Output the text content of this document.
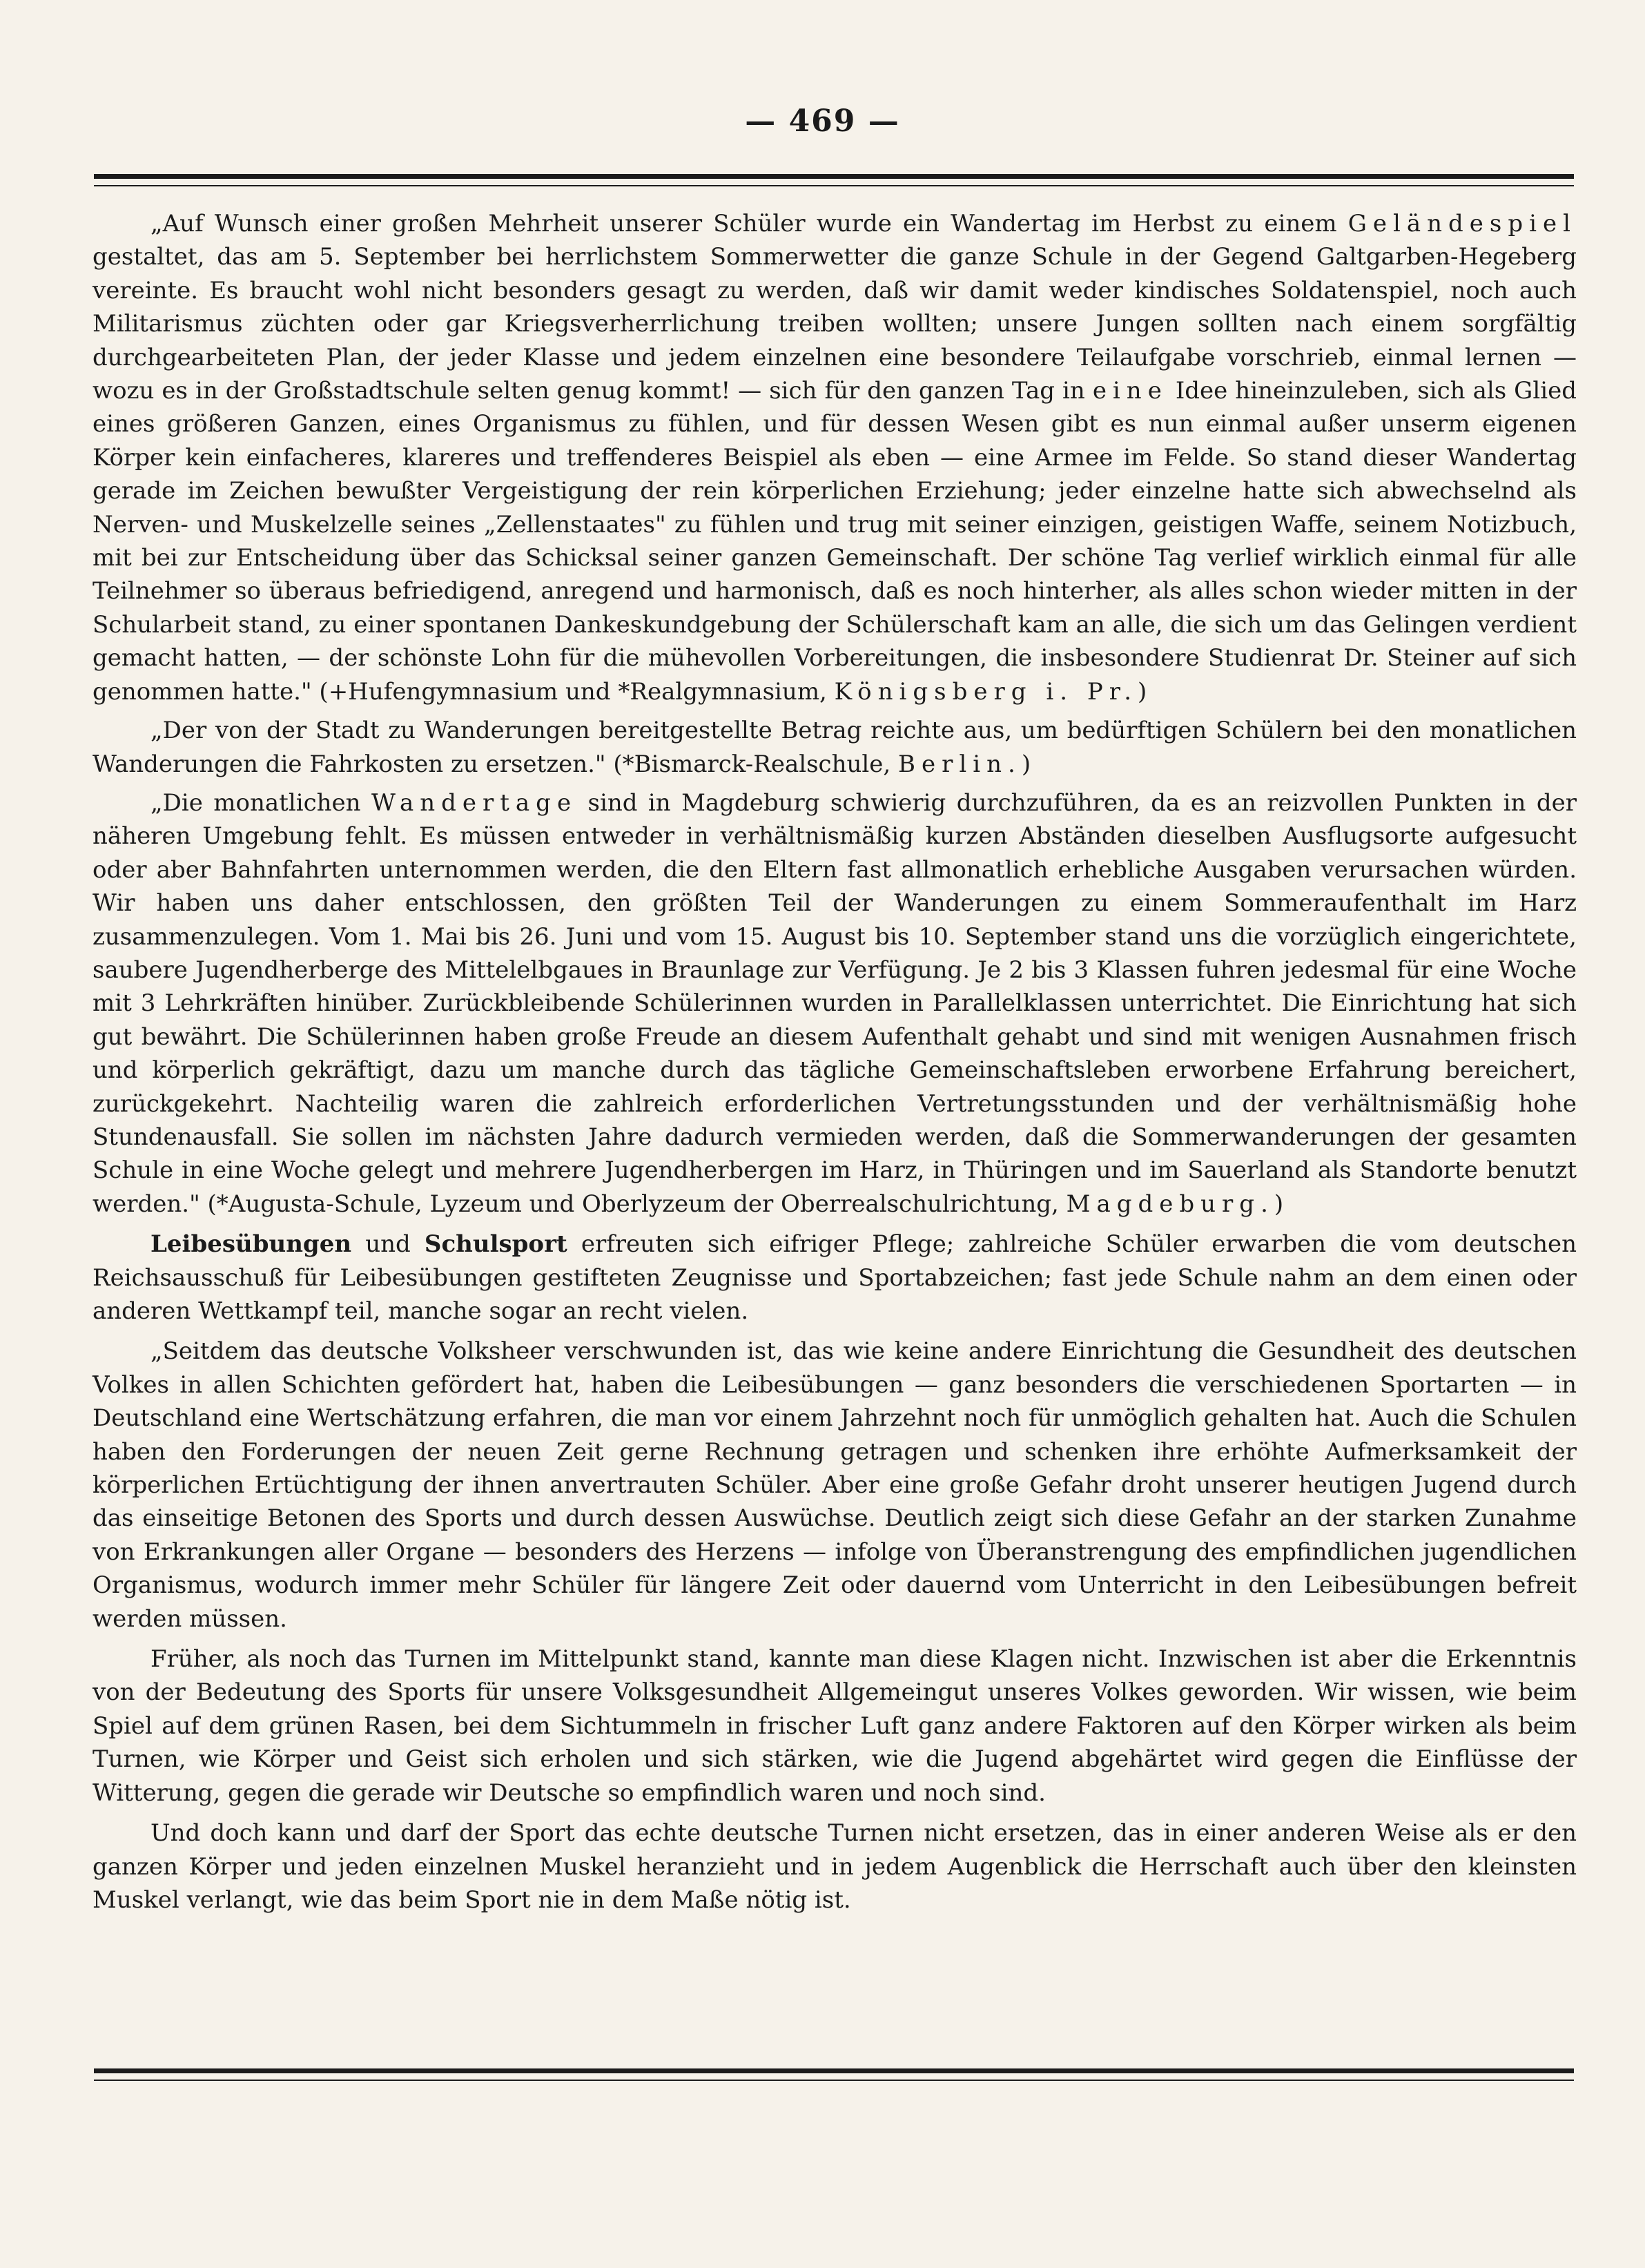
— 469 —

„Auf Wunsch einer großen Mehrheit unserer Schüler wurde ein Wandertag im Herbst zu einem Geländespiel gestaltet, das am 5. September bei herrlichstem Sommerwetter die ganze Schule in der Gegend Galtgarben-Hegeberg vereinte. Es braucht wohl nicht besonders gesagt zu werden, daß wir damit weder kindisches Soldatenspiel, noch auch Militarismus züchten oder gar Kriegsverherrlichung treiben wollten; unsere Jungen sollten nach einem sorgfältig durchgearbeiteten Plan, der jeder Klasse und jedem einzelnen eine besondere Teilaufgabe vorschrieb, einmal lernen — wozu es in der Großstadtschule selten genug kommt! — sich für den ganzen Tag in eine Idee hineinzuleben, sich als Glied eines größeren Ganzen, eines Organismus zu fühlen, und für dessen Wesen gibt es nun einmal außer unserm eigenen Körper kein einfacheres, klareres und treffenderes Beispiel als eben — eine Armee im Felde. So stand dieser Wandertag gerade im Zeichen bewußter Vergeistigung der rein körperlichen Erziehung; jeder einzelne hatte sich abwechselnd als Nerven- und Muskelzelle seines „Zellenstaates" zu fühlen und trug mit seiner einzigen, geistigen Waffe, seinem Notizbuch, mit bei zur Entscheidung über das Schicksal seiner ganzen Gemeinschaft. Der schöne Tag verlief wirklich einmal für alle Teilnehmer so überaus befriedigend, anregend und harmonisch, daß es noch hinterher, als alles schon wieder mitten in der Schularbeit stand, zu einer spontanen Dankeskundgebung der Schülerschaft kam an alle, die sich um das Gelingen verdient gemacht hatten, — der schönste Lohn für die mühevollen Vorbereitungen, die insbesondere Studienrat Dr. Steiner auf sich genommen hatte." (+Hufengymnasium und *Realgymnasium, Königsberg i. Pr.)

„Der von der Stadt zu Wanderungen bereitgestellte Betrag reichte aus, um bedürftigen Schülern bei den monatlichen Wanderungen die Fahrkosten zu ersetzen." (*Bismarck-Realschule, Berlin.)

„Die monatlichen Wandertage sind in Magdeburg schwierig durchzuführen, da es an reizvollen Punkten in der näheren Umgebung fehlt. Es müssen entweder in verhältnismäßig kurzen Abständen dieselben Ausflugsorte aufgesucht oder aber Bahnfahrten unternommen werden, die den Eltern fast allmonatlich erhebliche Ausgaben verursachen würden. Wir haben uns daher entschlossen, den größten Teil der Wanderungen zu einem Sommeraufenthalt im Harz zusammenzulegen. Vom 1. Mai bis 26. Juni und vom 15. August bis 10. September stand uns die vorzüglich eingerichtete, saubere Jugendherberge des Mittelelbgaues in Braunlage zur Verfügung. Je 2 bis 3 Klassen fuhren jedesmal für eine Woche mit 3 Lehrkräften hinüber. Zurückbleibende Schülerinnen wurden in Parallelklassen unterrichtet. Die Einrichtung hat sich gut bewährt. Die Schülerinnen haben große Freude an diesem Aufenthalt gehabt und sind mit wenigen Ausnahmen frisch und körperlich gekräftigt, dazu um manche durch das tägliche Gemeinschaftsleben erworbene Erfahrung bereichert, zurückgekehrt. Nachteilig waren die zahlreich erforderlichen Vertretungsstunden und der verhältnismäßig hohe Stundenausfall. Sie sollen im nächsten Jahre dadurch vermieden werden, daß die Sommerwanderungen der gesamten Schule in eine Woche gelegt und mehrere Jugendherbergen im Harz, in Thüringen und im Sauerland als Standorte benutzt werden." (*Augusta-Schule, Lyzeum und Oberlyzeum der Oberrealschulrichtung, Magdeburg.)

Leibesübungen und Schulsport erfreuten sich eifriger Pflege; zahlreiche Schüler erwarben die vom deutschen Reichsausschuß für Leibesübungen gestifteten Zeugnisse und Sportabzeichen; fast jede Schule nahm an dem einen oder anderen Wettkampf teil, manche sogar an recht vielen.

„Seitdem das deutsche Volksheer verschwunden ist, das wie keine andere Einrichtung die Gesundheit des deutschen Volkes in allen Schichten gefördert hat, haben die Leibesübungen — ganz besonders die verschiedenen Sportarten — in Deutschland eine Wertschätzung erfahren, die man vor einem Jahrzehnt noch für unmöglich gehalten hat. Auch die Schulen haben den Forderungen der neuen Zeit gerne Rechnung getragen und schenken ihre erhöhte Aufmerksamkeit der körperlichen Ertüchtigung der ihnen anvertrauten Schüler. Aber eine große Gefahr droht unserer heutigen Jugend durch das einseitige Betonen des Sports und durch dessen Auswüchse. Deutlich zeigt sich diese Gefahr an der starken Zunahme von Erkrankungen aller Organe — besonders des Herzens — infolge von Überanstrengung des empfindlichen jugendlichen Organismus, wodurch immer mehr Schüler für längere Zeit oder dauernd vom Unterricht in den Leibesübungen befreit werden müssen.

Früher, als noch das Turnen im Mittelpunkt stand, kannte man diese Klagen nicht. Inzwischen ist aber die Erkenntnis von der Bedeutung des Sports für unsere Volksgesundheit Allgemeingut unseres Volkes geworden. Wir wissen, wie beim Spiel auf dem grünen Rasen, bei dem Sichtummeln in frischer Luft ganz andere Faktoren auf den Körper wirken als beim Turnen, wie Körper und Geist sich erholen und sich stärken, wie die Jugend abgehärtet wird gegen die Einflüsse der Witterung, gegen die gerade wir Deutsche so empfindlich waren und noch sind.

Und doch kann und darf der Sport das echte deutsche Turnen nicht ersetzen, das in einer anderen Weise als er den ganzen Körper und jeden einzelnen Muskel heranzieht und in jedem Augenblick die Herrschaft auch über den kleinsten Muskel verlangt, wie das beim Sport nie in dem Maße nötig ist.
